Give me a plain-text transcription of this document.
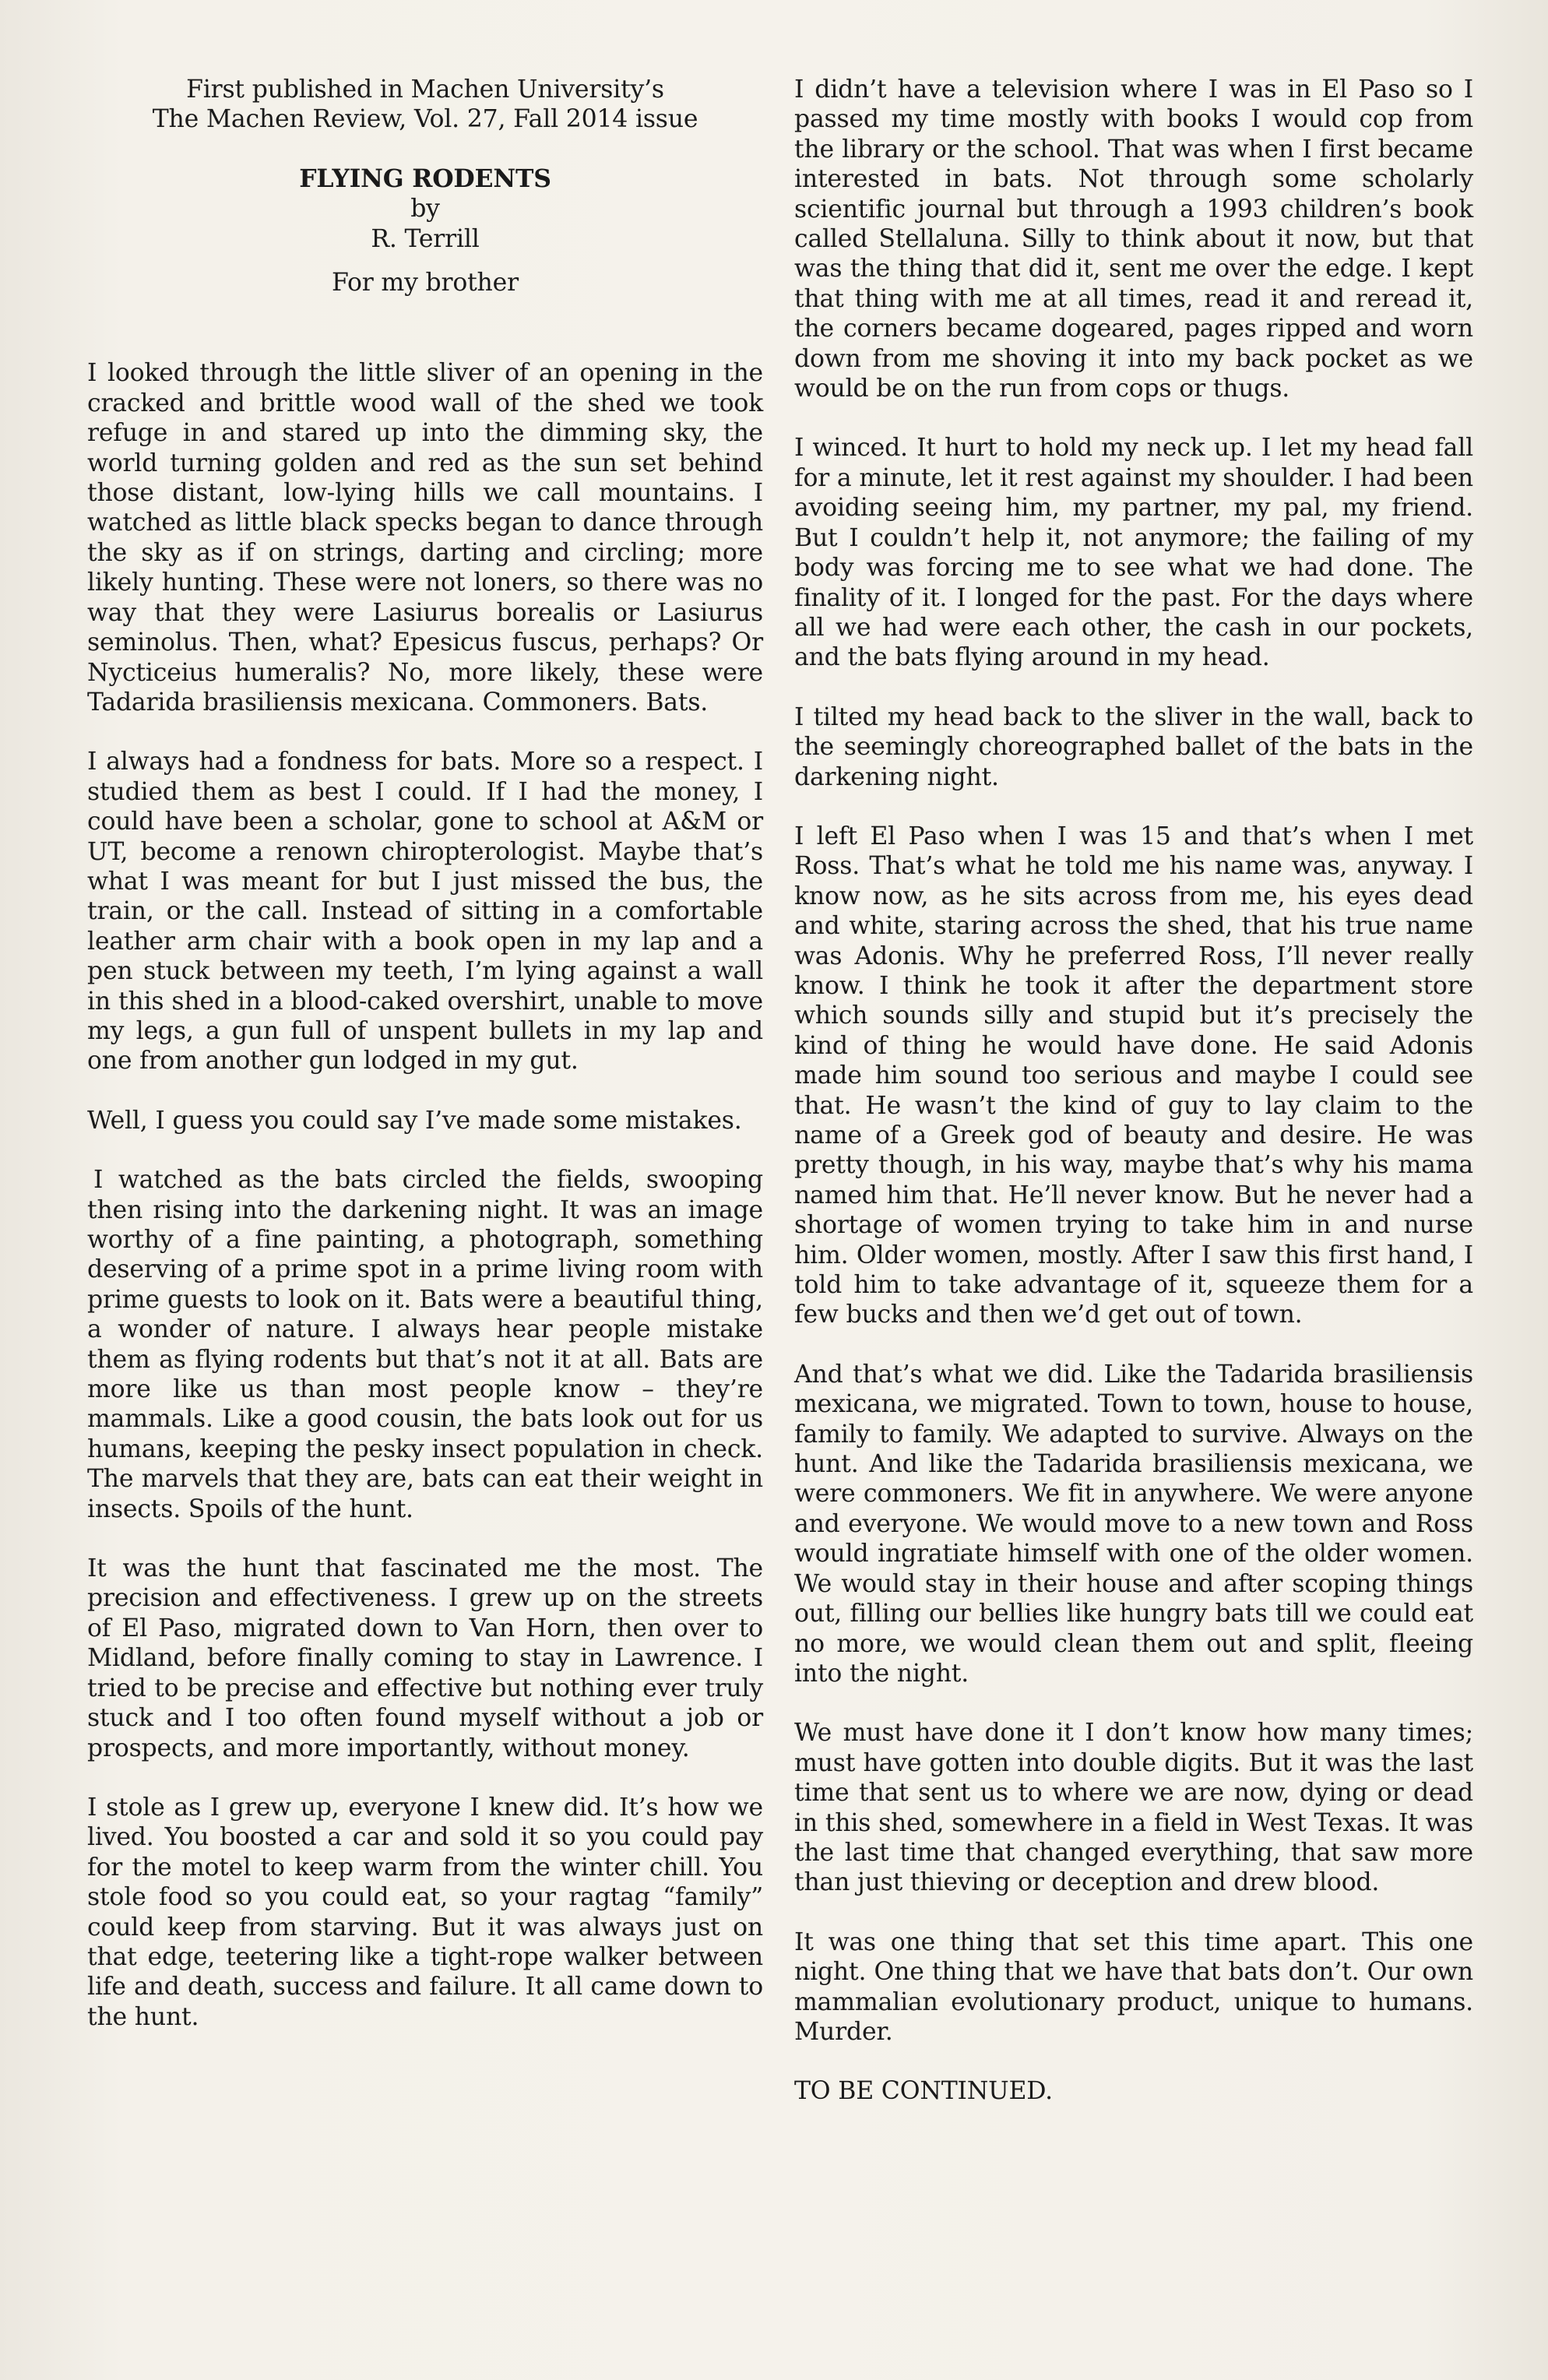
First published in Machen University’s
The Machen Review, Vol. 27, Fall 2014 issue
FLYING RODENTS
by
R. Terrill
For my brother

I looked through the little sliver of an opening in the cracked and brittle wood wall of the shed we took refuge in and stared up into the dimming sky, the world turning golden and red as the sun set behind those distant, low-lying hills we call mountains. I watched as little black specks began to dance through the sky as if on strings, darting and circling; more likely hunting. These were not loners, so there was no way that they were Lasiurus borealis or Lasiurus seminolus. Then, what? Epesicus fuscus, perhaps? Or Nycticeius humeralis? No, more likely, these were Tadarida brasiliensis mexicana. Commoners. Bats.

I always had a fondness for bats. More so a respect. I studied them as best I could. If I had the money, I could have been a scholar, gone to school at A&M or UT, become a renown chiropterologist. Maybe that’s what I was meant for but I just missed the bus, the train, or the call. Instead of sitting in a comfortable leather arm chair with a book open in my lap and a pen stuck between my teeth, I’m lying against a wall in this shed in a blood-caked overshirt, unable to move my legs, a gun full of unspent bullets in my lap and one from another gun lodged in my gut.

Well, I guess you could say I’ve made some mistakes.

I watched as the bats circled the fields, swooping then rising into the darkening night. It was an image worthy of a fine painting, a photograph, something deserving of a prime spot in a prime living room with prime guests to look on it. Bats were a beautiful thing, a wonder of nature. I always hear people mistake them as flying rodents but that’s not it at all. Bats are more like us than most people know – they’re mammals. Like a good cousin, the bats look out for us humans, keeping the pesky insect population in check. The marvels that they are, bats can eat their weight in insects. Spoils of the hunt.

It was the hunt that fascinated me the most. The precision and effectiveness. I grew up on the streets of El Paso, migrated down to Van Horn, then over to Midland, before finally coming to stay in Lawrence. I tried to be precise and effective but nothing ever truly stuck and I too often found myself without a job or prospects, and more importantly, without money.

I stole as I grew up, everyone I knew did. It’s how we lived. You boosted a car and sold it so you could pay for the motel to keep warm from the winter chill. You stole food so you could eat, so your ragtag “family” could keep from starving. But it was always just on that edge, teetering like a tight-rope walker between life and death, success and failure. It all came down to the hunt.

I didn’t have a television where I was in El Paso so I passed my time mostly with books I would cop from the library or the school. That was when I first became interested in bats. Not through some scholarly scientific journal but through a 1993 children’s book called Stellaluna. Silly to think about it now, but that was the thing that did it, sent me over the edge. I kept that thing with me at all times, read it and reread it, the corners became dogeared, pages ripped and worn down from me shoving it into my back pocket as we would be on the run from cops or thugs.

I winced. It hurt to hold my neck up. I let my head fall for a minute, let it rest against my shoulder. I had been avoiding seeing him, my partner, my pal, my friend. But I couldn’t help it, not anymore; the failing of my body was forcing me to see what we had done. The finality of it. I longed for the past. For the days where all we had were each other, the cash in our pockets, and the bats flying around in my head.

I tilted my head back to the sliver in the wall, back to the seemingly choreographed ballet of the bats in the darkening night.

I left El Paso when I was 15 and that’s when I met Ross. That’s what he told me his name was, anyway. I know now, as he sits across from me, his eyes dead and white, staring across the shed, that his true name was Adonis. Why he preferred Ross, I’ll never really know. I think he took it after the department store which sounds silly and stupid but it’s precisely the kind of thing he would have done. He said Adonis made him sound too serious and maybe I could see that. He wasn’t the kind of guy to lay claim to the name of a Greek god of beauty and desire. He was pretty though, in his way, maybe that’s why his mama named him that. He’ll never know. But he never had a shortage of women trying to take him in and nurse him. Older women, mostly. After I saw this first hand, I told him to take advantage of it, squeeze them for a few bucks and then we’d get out of town.

And that’s what we did. Like the Tadarida brasiliensis mexicana, we migrated. Town to town, house to house, family to family. We adapted to survive. Always on the hunt. And like the Tadarida brasiliensis mexicana, we were commoners. We fit in anywhere. We were anyone and everyone. We would move to a new town and Ross would ingratiate himself with one of the older women. We would stay in their house and after scoping things out, filling our bellies like hungry bats till we could eat no more, we would clean them out and split, fleeing into the night.

We must have done it I don’t know how many times; must have gotten into double digits. But it was the last time that sent us to where we are now, dying or dead in this shed, somewhere in a field in West Texas. It was the last time that changed everything, that saw more than just thieving or deception and drew blood.

It was one thing that set this time apart. This one night. One thing that we have that bats don’t. Our own mammalian evolutionary product, unique to humans. Murder.

TO BE CONTINUED.
